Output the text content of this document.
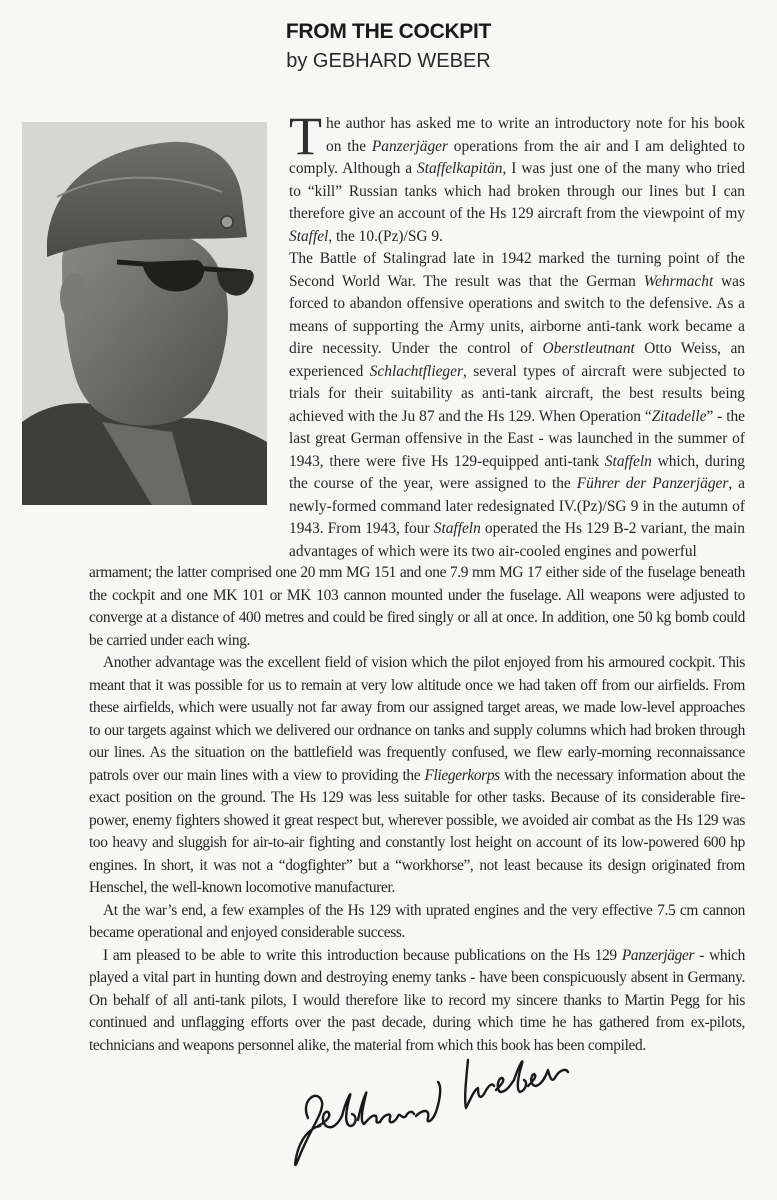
FROM THE COCKPIT
by GEBHARD WEBER

The author has asked me to write an introductory note for his book on the Panzerjäger operations from the air and I am delighted to comply. Although a Staffelkapitän, I was just one of the many who tried to “kill” Russian tanks which had broken through our lines but I can therefore give an account of the Hs 129 aircraft from the viewpoint of my Staffel, the 10.(Pz)/SG 9.

The Battle of Stalingrad late in 1942 marked the turning point of the Second World War. The result was that the German Wehrmacht was forced to abandon offensive operations and switch to the defensive. As a means of supporting the Army units, airborne anti-tank work became a dire necessity. Under the control of Oberstleutnant Otto Weiss, an experienced Schlachtflieger, several types of aircraft were subjected to trials for their suitability as anti-tank aircraft, the best results being achieved with the Ju 87 and the Hs 129. When Operation “Zitadelle” - the last great German offensive in the East - was launched in the summer of 1943, there were five Hs 129-equipped anti-tank Staffeln which, during the course of the year, were assigned to the Führer der Panzerjäger, a newly-formed command later redesignated IV.(Pz)/SG 9 in the autumn of 1943. From 1943, four Staffeln operated the Hs 129 B-2 variant, the main advantages of which were its two air-cooled engines and powerful

armament; the latter comprised one 20 mm MG 151 and one 7.9 mm MG 17 either side of the fuselage beneath the cockpit and one MK 101 or MK 103 cannon mounted under the fuselage. All weapons were adjusted to converge at a distance of 400 metres and could be fired singly or all at once. In addition, one 50 kg bomb could be carried under each wing.

Another advantage was the excellent field of vision which the pilot enjoyed from his armoured cockpit. This meant that it was possible for us to remain at very low altitude once we had taken off from our airfields. From these airfields, which were usually not far away from our assigned target areas, we made low-level approaches to our targets against which we delivered our ordnance on tanks and supply columns which had broken through our lines. As the situation on the battlefield was frequently confused, we flew early-morning reconnaissance patrols over our main lines with a view to providing the Fliegerkorps with the necessary information about the exact position on the ground. The Hs 129 was less suitable for other tasks. Because of its considerable fire-power, enemy fighters showed it great respect but, wherever possible, we avoided air combat as the Hs 129 was too heavy and sluggish for air-to-air fighting and constantly lost height on account of its low-powered 600 hp engines. In short, it was not a “dogfighter” but a “workhorse”, not least because its design originated from Henschel, the well-known locomotive manufacturer.

At the war’s end, a few examples of the Hs 129 with uprated engines and the very effective 7.5 cm cannon became operational and enjoyed considerable success.

I am pleased to be able to write this introduction because publications on the Hs 129 Panzerjäger - which played a vital part in hunting down and destroying enemy tanks - have been conspicuously absent in Germany. On behalf of all anti-tank pilots, I would therefore like to record my sincere thanks to Martin Pegg for his continued and unflagging efforts over the past decade, during which time he has gathered from ex-pilots, technicians and weapons personnel alike, the material from which this book has been compiled.
